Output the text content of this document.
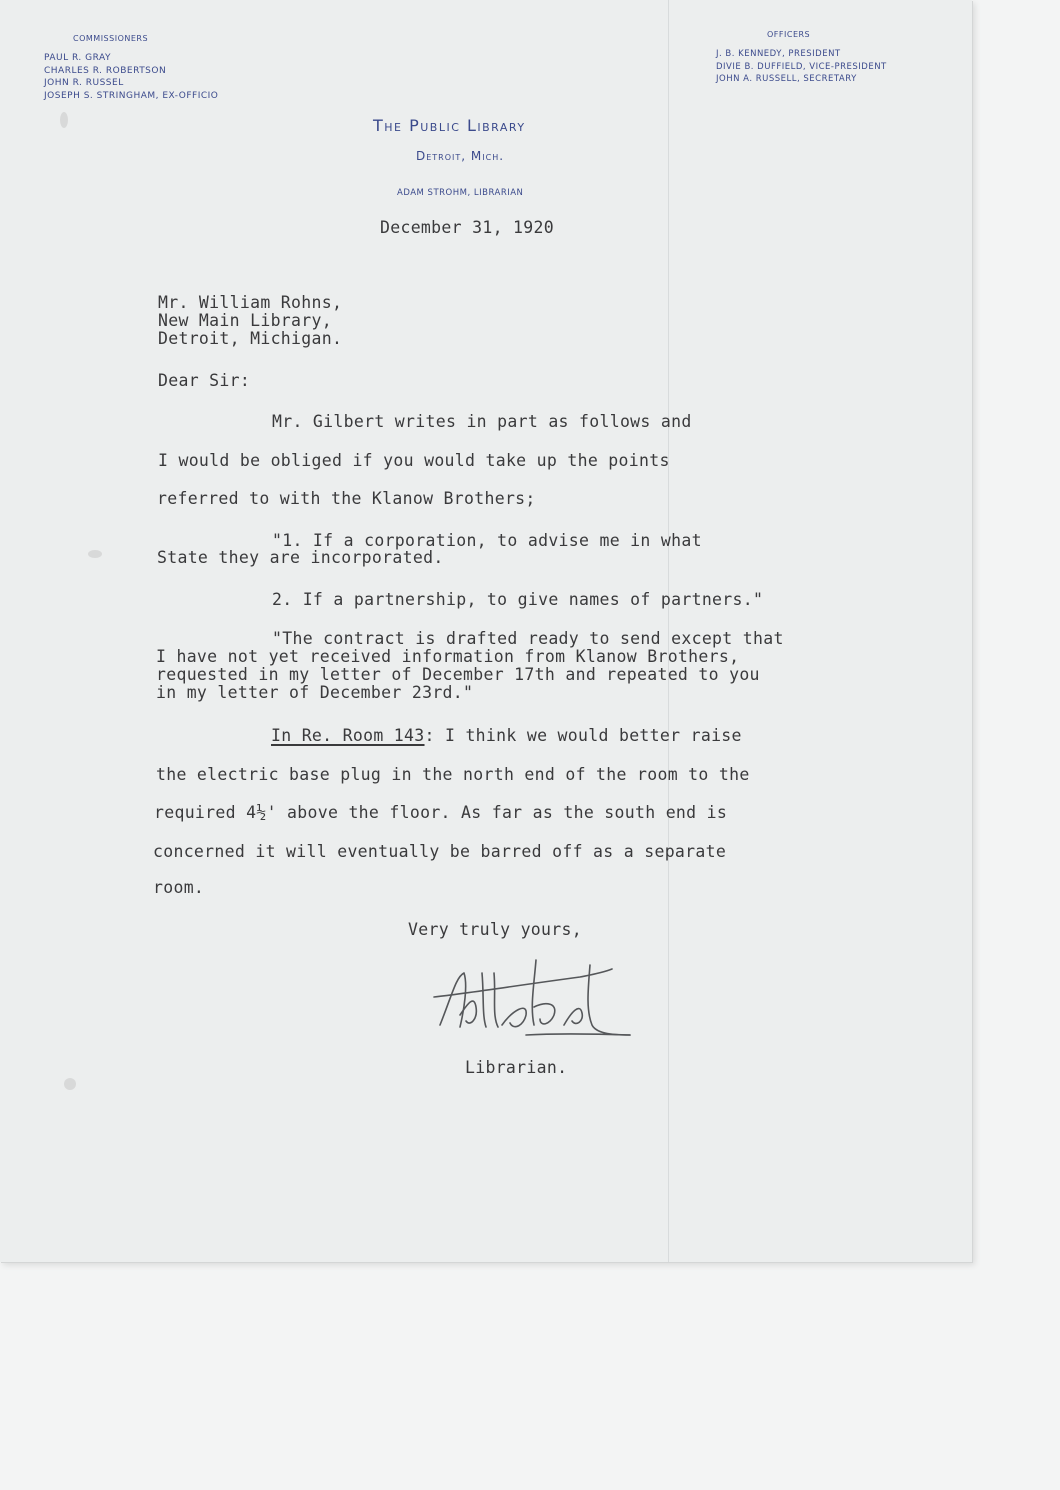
COMMISSIONERS
PAUL R. GRAY
CHARLES R. ROBERTSON
JOHN R. RUSSEL
JOSEPH S. STRINGHAM, EX-OFFICIO
OFFICERS
J. B. KENNEDY, PRESIDENT
DIVIE B. DUFFIELD, VICE-PRESIDENT
JOHN A. RUSSELL, SECRETARY
The Public Library
Detroit, Mich.
ADAM STROHM, LIBRARIAN
December 31, 1920
Mr. William Rohns,
New Main Library,
Detroit, Michigan.
Dear Sir:
Mr. Gilbert writes in part as follows and
I would be obliged if you would take up the points
referred to with the Klanow Brothers;
"1. If a corporation, to advise me in what
State they are incorporated.
2. If a partnership, to give names of partners."
"The contract is drafted ready to send except that
I have not yet received information from Klanow Brothers,
requested in my letter of December 17th and repeated to you
in my letter of December 23rd."
In Re. Room 143: I think we would better raise
the electric base plug in the north end of the room to the
required 4½' above the floor. As far as the south end is
concerned it will eventually be barred off as a separate
room.
Very truly yours,
Librarian.
